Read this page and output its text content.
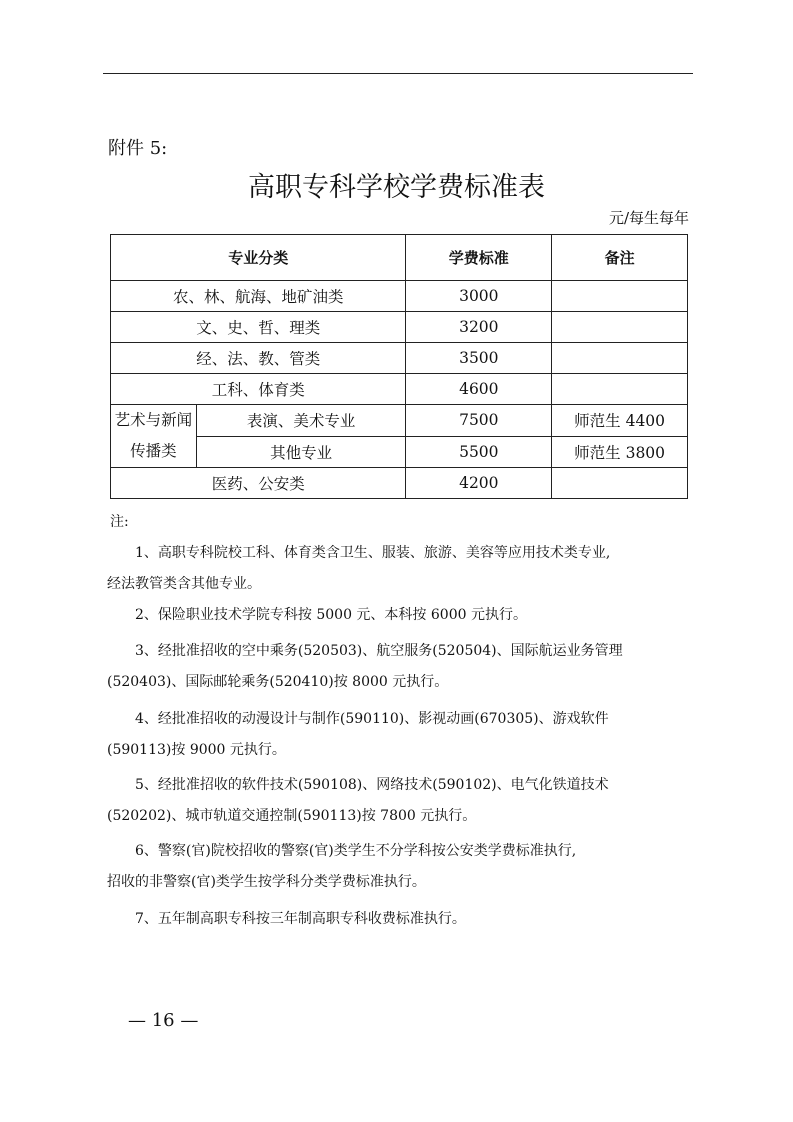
附件 5:
高职专科学校学费标准表
元/每生每年
专业分类		学费标准	备注
农、林、航海、地矿油类		3000	
文、史、哲、理类		3200	
经、法、教、管类		3500	
工科、体育类		4600	
艺术与新闻传播类	表演、美术专业	7500	师范生 4400
	其他专业	5500	师范生 3800
医药、公安类		4200	
注:

1、高职专科院校工科、体育类含卫生、服装、旅游、美容等应用技术类专业,

经法教管类含其他专业。

2、保险职业技术学院专科按 5000 元、本科按 6000 元执行。

3、经批准招收的空中乘务(520503)、航空服务(520504)、国际航运业务管理

(520403)、国际邮轮乘务(520410)按 8000 元执行。

4、经批准招收的动漫设计与制作(590110)、影视动画(670305)、游戏软件

(590113)按 9000 元执行。

5、经批准招收的软件技术(590108)、网络技术(590102)、电气化铁道技术

(520202)、城市轨道交通控制(590113)按 7800 元执行。

6、警察(官)院校招收的警察(官)类学生不分学科按公安类学费标准执行,

招收的非警察(官)类学生按学科分类学费标准执行。

7、五年制高职专科按三年制高职专科收费标准执行。

— 16 —
